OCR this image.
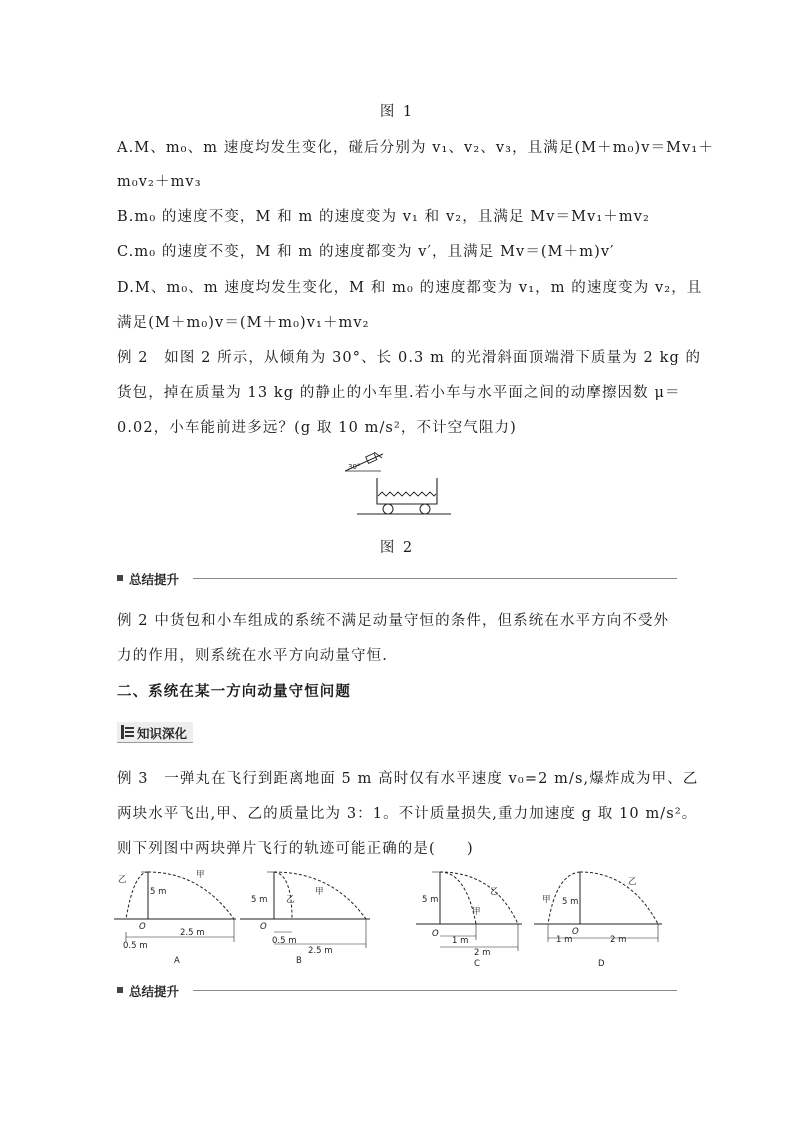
图 1
A.M、m₀、m 速度均发生变化，碰后分别为 v₁、v₂、v₃，且满足(M＋m₀)v＝Mv₁＋
m₀v₂＋mv₃
B.m₀ 的速度不变，M 和 m 的速度变为 v₁ 和 v₂，且满足 Mv＝Mv₁＋mv₂
C.m₀ 的速度不变，M 和 m 的速度都变为 v′，且满足 Mv＝(M＋m)v′
D.M、m₀、m 速度均发生变化，M 和 m₀ 的速度都变为 v₁，m 的速度变为 v₂，且
满足(M＋m₀)v＝(M＋m₀)v₁＋mv₂
例 2　如图 2 所示，从倾角为 30°、长 0.3 m 的光滑斜面顶端滑下质量为 2 kg 的
货包，掉在质量为 13 kg 的静止的小车里.若小车与水平面之间的动摩擦因数 μ＝
0.02，小车能前进多远？(g 取 10 m/s²，不计空气阻力)
30°
图 2
总结提升
例 2 中货包和小车组成的系统不满足动量守恒的条件，但系统在水平方向不受外
力的作用，则系统在水平方向动量守恒.
二、系统在某一方向动量守恒问题
知识深化
例 3　一弹丸在飞行到距离地面 5 m 高时仅有水平速度 v₀=2 m/s,爆炸成为甲、乙
两块水平飞出,甲、乙的质量比为 3：1。不计质量损失,重力加速度 g 取 10 m/s²。
则下列图中两块弹片飞行的轨迹可能正确的是(　　)
乙	甲
5 m
O
0.5 m
2.5 m
A
5 m 乙
甲
O
0.5 m
2.5 m
B
5 m
甲
乙
O
1 m
2 m
C
甲
乙
5 m
O
1 m	2 m
D
总结提升
